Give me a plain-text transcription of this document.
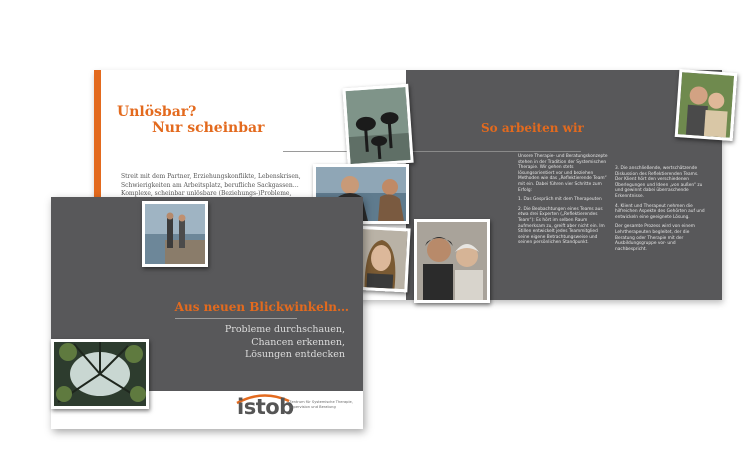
Unlösbar?

Nur scheinbar

Streit mit dem Partner, Erziehungskonflikte, Lebenskrisen,
Schwierigkeiten am Arbeitsplatz, berufliche Sackgassen…
Komplexe, scheinbar unlösbare (Beziehungs-)Probleme,

So arbeiten wir

Unsere Therapie- und Beratungskonzepte stehen in der Tradition der Systemischen Therapie. Wir gehen stets lösungsorientiert vor und beziehen Methoden wie das „Reflektierende Team“ mit ein. Dabei führen vier Schritte zum Erfolg:

1. Das Gespräch mit dem Therapeuten

2. Die Beobachtungen eines Teams aus etwa drei Experten („Reflektierendes Team“): Es hört im selben Raum aufmerksam zu, greift aber nicht ein. Im Stillen entwickelt jedes Teammitglied seine eigene Betrachtungsweise und seinen persönlichen Standpunkt.

3. Die anschließende, wertschätzende Diskussion des Reflektierenden Teams. Der Klient hört den verschiedenen Überlegungen und Ideen „von außen“ zu und gewinnt dabei überraschende Erkenntnisse.

4. Klient und Therapeut nehmen die hilfreichen Aspekte des Gehörten auf und entwickeln eine geeignete Lösung.

Der gesamte Prozess wird von einem Lehrtherapeuten begleitet, der die Beratung oder Therapie mit der Ausbildungsgruppe vor- und nachbespricht.

Aus neuen Blickwinkeln…

Probleme durchschauen,
Chancen erkennen,
Lösungen entdecken
istob
Zentrum für Systemische Therapie,
Supervision und Beratung
